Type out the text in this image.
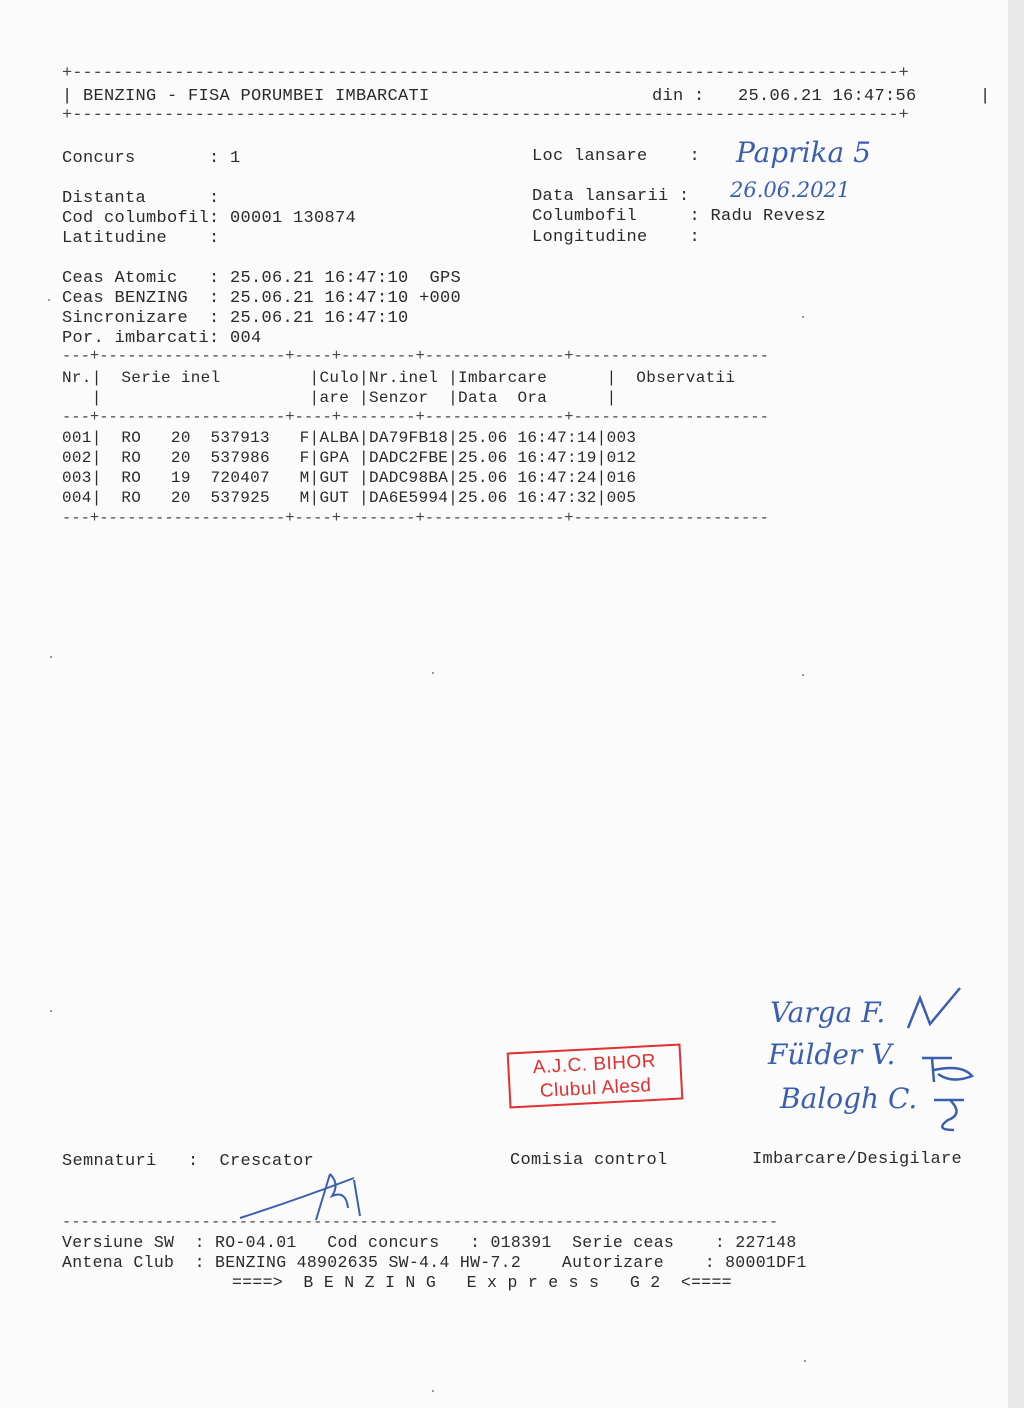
+---------------------------------------------------------------------------------+
| BENZING - FISA PORUMBEI IMBARCATI	din : 25.06.21 16:47:56	|
+---------------------------------------------------------------------------------+
Concurs       : 1	Loc lansare    : Paprika 5
Distanta      :	Data lansarii : 26.06.2021
Cod columbofil: 00001 130874	Columbofil     : Radu Revesz
Latitudine    :	Longitudine    :
Ceas Atomic   : 25.06.21 16:47:10  GPS
Ceas BENZING  : 25.06.21 16:47:10 +000
Sincronizare  : 25.06.21 16:47:10
Por. imbarcati: 004
---+--------------------+----+--------+---------------+---------------------
Nr.|  Serie inel         |Culo|Nr.inel |Imbarcare      |  Observatii
|                     |are |Senzor  |Data  Ora      |
---+--------------------+----+--------+---------------+---------------------
001|  RO   20  537913   F|ALBA|DA79FB18|25.06 16:47:14|003
002|  RO   20  537986   F|GPA |DADC2FBE|25.06 16:47:19|012
003|  RO   19  720407   M|GUT |DADC98BA|25.06 16:47:24|016
004|  RO   20  537925   M|GUT |DA6E5994|25.06 16:47:32|005
---+--------------------+----+--------+---------------+---------------------
Varga F.
Fülder V.
Balogh C.
A.J.C. BIHOR
Clubul Alesd
Semnaturi   :  Crescator	Comisia control	Imbarcare/Desigilare
-----------------------------------------------------------------------------
Versiune SW  : RO-04.01   Cod concurs   : 018391  Serie ceas    : 227148
Antena Club  : BENZING 48902635 SW-4.4 HW-7.2    Autorizare    : 80001DF1
====>  B E N Z I N G   E x p r e s s   G 2  <====
